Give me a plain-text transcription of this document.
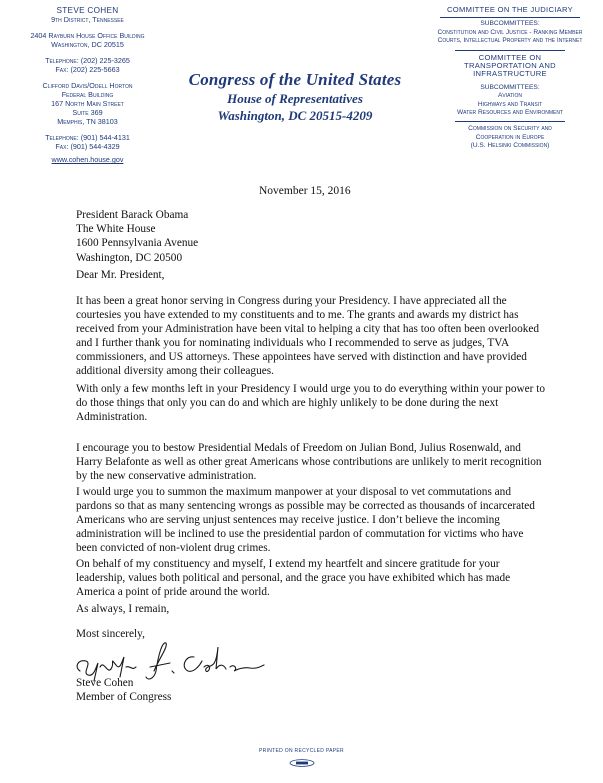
STEVE COHEN
9th District, Tennessee
2404 Rayburn House Office Building
Washington, DC 20515
Telephone: (202) 225-3265
Fax: (202) 225-5663
Clifford Davis/Odell Horton
Federal Building
167 North Main Street
Suite 369
Memphis, TN 38103
Telephone: (901) 544-4131
Fax: (901) 544-4329
www.cohen.house.gov
Congress of the United States
House of Representatives
Washington, DC 20515-4209
COMMITTEE ON THE JUDICIARY
SUBCOMMITTEES:
Constitution and Civil Justice - Ranking Member
Courts, Intellectual Property and the Internet
COMMITTEE ON
TRANSPORTATION AND
INFRASTRUCTURE
SUBCOMMITTEES:
Aviation
Highways and Transit
Water Resources and Environment
Commission on Security and
Cooperation in Europe
(U.S. Helsinki Commission)
November 15, 2016
President Barack Obama
The White House
1600 Pennsylvania Avenue
Washington, DC 20500
Dear Mr. President,
It has been a great honor serving in Congress during your Presidency. I have appreciated all the courtesies you have extended to my constituents and to me. The grants and awards my district has received from your Administration have been vital to helping a city that has too often been overlooked and I further thank you for nominating individuals who I recommended to serve as judges, TVA commissioners, and US attorneys. These appointees have served with distinction and have provided additional diversity among their colleagues.
With only a few months left in your Presidency I would urge you to do everything within your power to do those things that only you can do and which are highly unlikely to be done during the next Administration.
I encourage you to bestow Presidential Medals of Freedom on Julian Bond, Julius Rosenwald, and Harry Belafonte as well as other great Americans whose contributions are unlikely to merit recognition by the new conservative administration.
I would urge you to summon the maximum manpower at your disposal to vet commutations and pardons so that as many sentencing wrongs as possible may be corrected as thousands of incarcerated Americans who are serving unjust sentences may receive justice. I don’t believe the incoming administration will be inclined to use the presidential pardon of commutation for victims who have been convicted of non-violent drug crimes.
On behalf of my constituency and myself, I extend my heartfelt and sincere gratitude for your leadership, values both political and personal, and the grace you have exhibited which has made America a point of pride around the world.
As always, I remain,
Most sincerely,
Steve Cohen
Member of Congress
PRINTED ON RECYCLED PAPER
